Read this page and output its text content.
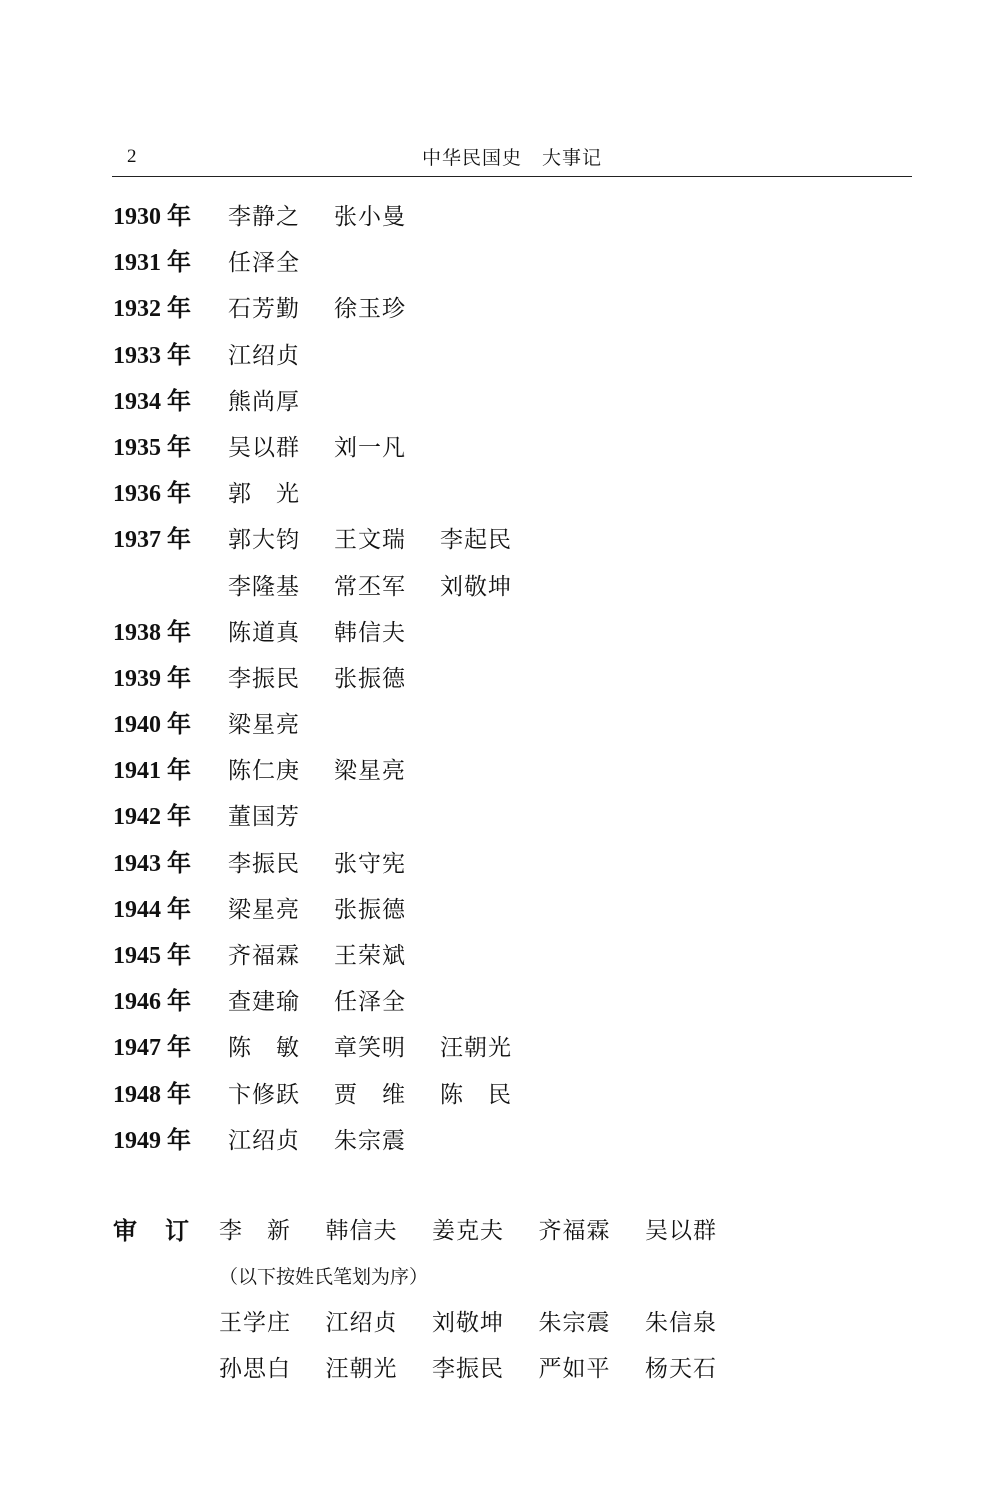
2	中华民国史　大事记
1930 年	李静之 张小曼
1931 年	任泽全
1932 年	石芳勤 徐玉珍
1933 年	江绍贞
1934 年	熊尚厚
1935 年	吴以群 刘一凡
1936 年	郭　光
1937 年	郭大钧 王文瑞 李起民
李隆基 常丕军 刘敬坤
1938 年	陈道真 韩信夫
1939 年	李振民 张振德
1940 年	梁星亮
1941 年	陈仁庚 梁星亮
1942 年	董国芳
1943 年	李振民 张守宪
1944 年	梁星亮 张振德
1945 年	齐福霖 王荣斌
1946 年	查建瑜 任泽全
1947 年	陈　敏 章笑明 汪朝光
1948 年	卞修跃 贾　维 陈　民
1949 年	江绍贞 朱宗震
审订 李　新 韩信夫 姜克夫 齐福霖 吴以群
（以下按姓氏笔划为序）
王学庄 江绍贞 刘敬坤 朱宗震 朱信泉
孙思白 汪朝光 李振民 严如平 杨天石
